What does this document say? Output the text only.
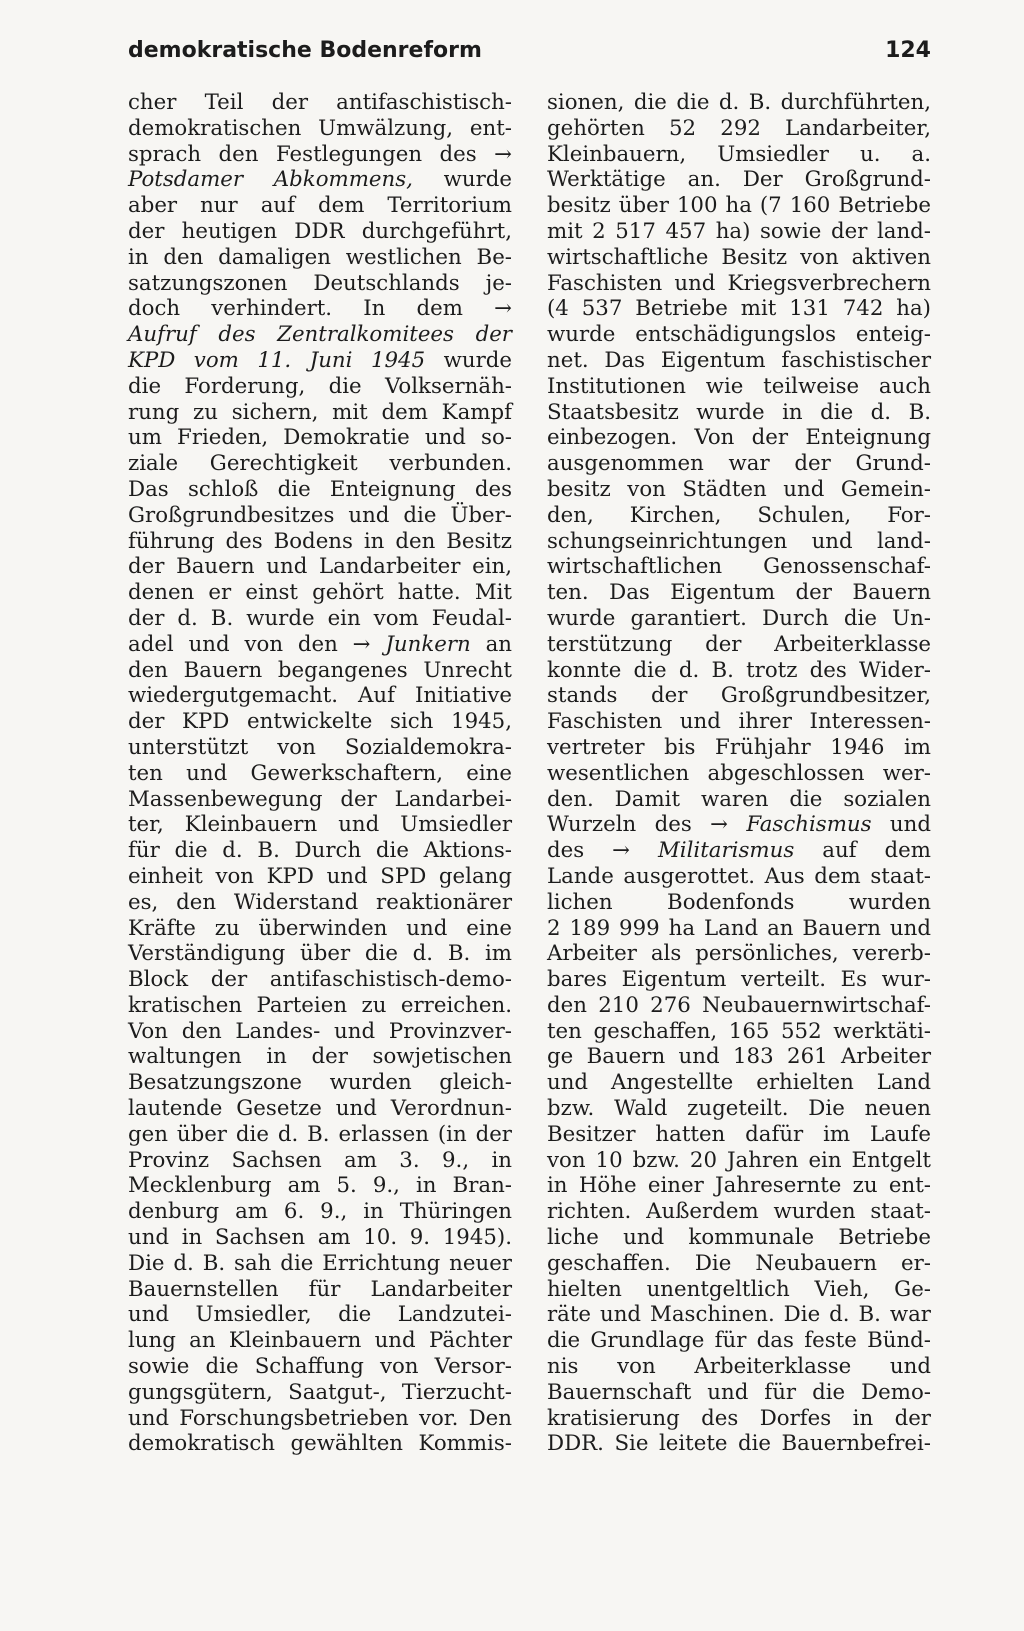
demokratische Bodenreform	124
cher Teil der antifaschistisch-
demokratischen Umwälzung, ent-
sprach den Festlegungen des →
Potsdamer Abkommens, wurde
aber nur auf dem Territorium
der heutigen DDR durchgeführt,
in den damaligen westlichen Be-
satzungszonen Deutschlands je-
doch verhindert. In dem →
Aufruf des Zentralkomitees der
KPD vom 11. Juni 1945 wurde
die Forderung, die Volksernäh-
rung zu sichern, mit dem Kampf
um Frieden, Demokratie und so-
ziale Gerechtigkeit verbunden.
Das schloß die Enteignung des
Großgrundbesitzes und die Über-
führung des Bodens in den Besitz
der Bauern und Landarbeiter ein,
denen er einst gehört hatte. Mit
der d. B. wurde ein vom Feudal-
adel und von den → Junkern an
den Bauern begangenes Unrecht
wiedergutgemacht. Auf Initiative
der KPD entwickelte sich 1945,
unterstützt von Sozialdemokra-
ten und Gewerkschaftern, eine
Massenbewegung der Landarbei-
ter, Kleinbauern und Umsiedler
für die d. B. Durch die Aktions-
einheit von KPD und SPD gelang
es, den Widerstand reaktionärer
Kräfte zu überwinden und eine
Verständigung über die d. B. im
Block der antifaschistisch-demo-
kratischen Parteien zu erreichen.
Von den Landes- und Provinzver-
waltungen in der sowjetischen
Besatzungszone wurden gleich-
lautende Gesetze und Verordnun-
gen über die d. B. erlassen (in der
Provinz Sachsen am 3. 9., in
Mecklenburg am 5. 9., in Bran-
denburg am 6. 9., in Thüringen
und in Sachsen am 10. 9. 1945).
Die d. B. sah die Errichtung neuer
Bauernstellen für Landarbeiter
und Umsiedler, die Landzutei-
lung an Kleinbauern und Pächter
sowie die Schaffung von Versor-
gungsgütern, Saatgut-, Tierzucht-
und Forschungsbetrieben vor. Den
demokratisch gewählten Kommis-
sionen, die die d. B. durchführten,
gehörten 52 292 Landarbeiter,
Kleinbauern, Umsiedler u. a.
Werktätige an. Der Großgrund-
besitz über 100 ha (7 160 Betriebe
mit 2 517 457 ha) sowie der land-
wirtschaftliche Besitz von aktiven
Faschisten und Kriegsverbrechern
(4 537 Betriebe mit 131 742 ha)
wurde entschädigungslos enteig-
net. Das Eigentum faschistischer
Institutionen wie teilweise auch
Staatsbesitz wurde in die d. B.
einbezogen. Von der Enteignung
ausgenommen war der Grund-
besitz von Städten und Gemein-
den, Kirchen, Schulen, For-
schungseinrichtungen und land-
wirtschaftlichen Genossenschaf-
ten. Das Eigentum der Bauern
wurde garantiert. Durch die Un-
terstützung der Arbeiterklasse
konnte die d. B. trotz des Wider-
stands der Großgrundbesitzer,
Faschisten und ihrer Interessen-
vertreter bis Frühjahr 1946 im
wesentlichen abgeschlossen wer-
den. Damit waren die sozialen
Wurzeln des → Faschismus und
des → Militarismus auf dem
Lande ausgerottet. Aus dem staat-
lichen Bodenfonds wurden
2 189 999 ha Land an Bauern und
Arbeiter als persönliches, vererb-
bares Eigentum verteilt. Es wur-
den 210 276 Neubauernwirtschaf-
ten geschaffen, 165 552 werktäti-
ge Bauern und 183 261 Arbeiter
und Angestellte erhielten Land
bzw. Wald zugeteilt. Die neuen
Besitzer hatten dafür im Laufe
von 10 bzw. 20 Jahren ein Entgelt
in Höhe einer Jahresernte zu ent-
richten. Außerdem wurden staat-
liche und kommunale Betriebe
geschaffen. Die Neubauern er-
hielten unentgeltlich Vieh, Ge-
räte und Maschinen. Die d. B. war
die Grundlage für das feste Bünd-
nis von Arbeiterklasse und
Bauernschaft und für die Demo-
kratisierung des Dorfes in der
DDR. Sie leitete die Bauernbefrei-
